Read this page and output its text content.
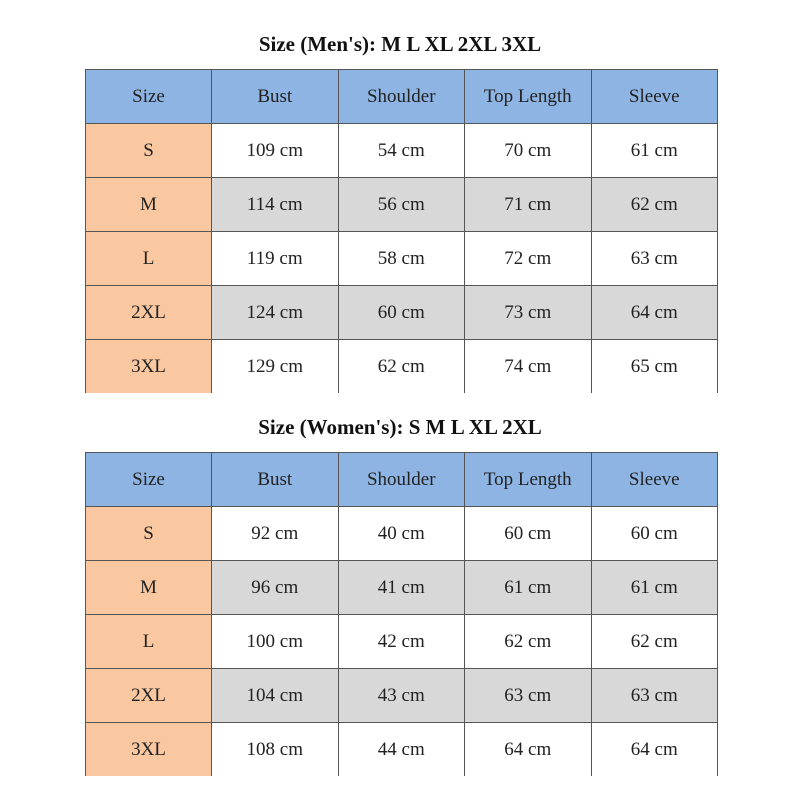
Size (Men's): M L XL 2XL 3XL
Size	Bust	Shoulder	Top Length	Sleeve
S	109 cm	54 cm	70 cm	61 cm
M	114 cm	56 cm	71 cm	62 cm
L	119 cm	58 cm	72 cm	63 cm
2XL	124 cm	60 cm	73 cm	64 cm
3XL	129 cm	62 cm	74 cm	65 cm
Size (Women's): S M L XL 2XL
Size	Bust	Shoulder	Top Length	Sleeve
S	92 cm	40 cm	60 cm	60 cm
M	96 cm	41 cm	61 cm	61 cm
L	100 cm	42 cm	62 cm	62 cm
2XL	104 cm	43 cm	63 cm	63 cm
3XL	108 cm	44 cm	64 cm	64 cm
